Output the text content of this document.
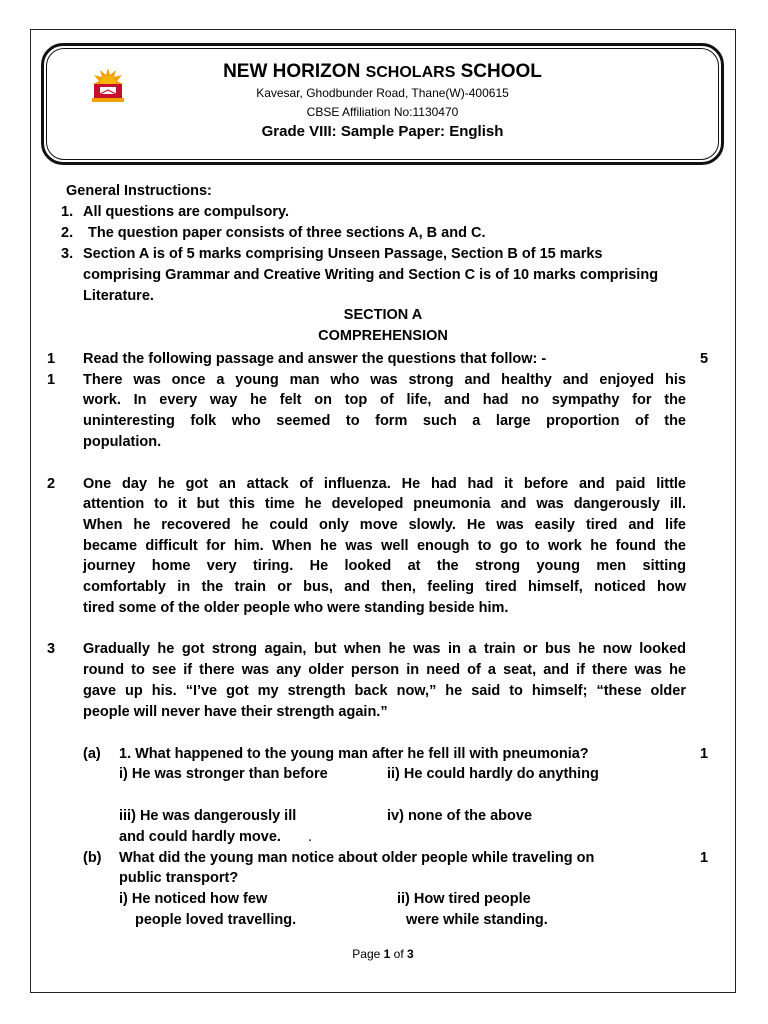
NEW HORIZON SCHOLARS SCHOOL
Kavesar, Ghodbunder Road, Thane(W)-400615
CBSE Affiliation No:1130470
Grade VIII: Sample Paper: English
General Instructions:
1. All questions are compulsory.
2. The question paper consists of three sections A, B and C.
3. Section A is of 5 marks comprising Unseen Passage, Section B of 15 marks
comprising Grammar and Creative Writing and Section C is of 10 marks comprising
Literature.
SECTION A
COMPREHENSION
1 Read the following passage and answer the questions that follow: -	5
1 There was once a young man who was strong and healthy and enjoyed his
work. In every way he felt on top of life, and had no sympathy for the
uninteresting folk who seemed to form such a large proportion of the
population.
2 One day he got an attack of influenza. He had had it before and paid little
attention to it but this time he developed pneumonia and was dangerously ill.
When he recovered he could only move slowly. He was easily tired and life
became difficult for him. When he was well enough to go to work he found the
journey home very tiring. He looked at the strong young men sitting
comfortably in the train or bus, and then, feeling tired himself, noticed how
tired some of the older people who were standing beside him.
3 Gradually he got strong again, but when he was in a train or bus he now looked
round to see if there was any older person in need of a seat, and if there was he
gave up his. “I’ve got my strength back now,” he said to himself; “these older
people will never have their strength again.”
(a) 1. What happened to the young man after he fell ill with pneumonia?	1
i) He was stronger than before	ii) He could hardly do anything
iii) He was dangerously ill	iv) none of the above
and could hardly move. .
(b) What did the young man notice about older people while traveling on	1
public transport?
i) He noticed how few	ii) How tired people
people loved travelling.	were while standing.
Page 1 of 3
